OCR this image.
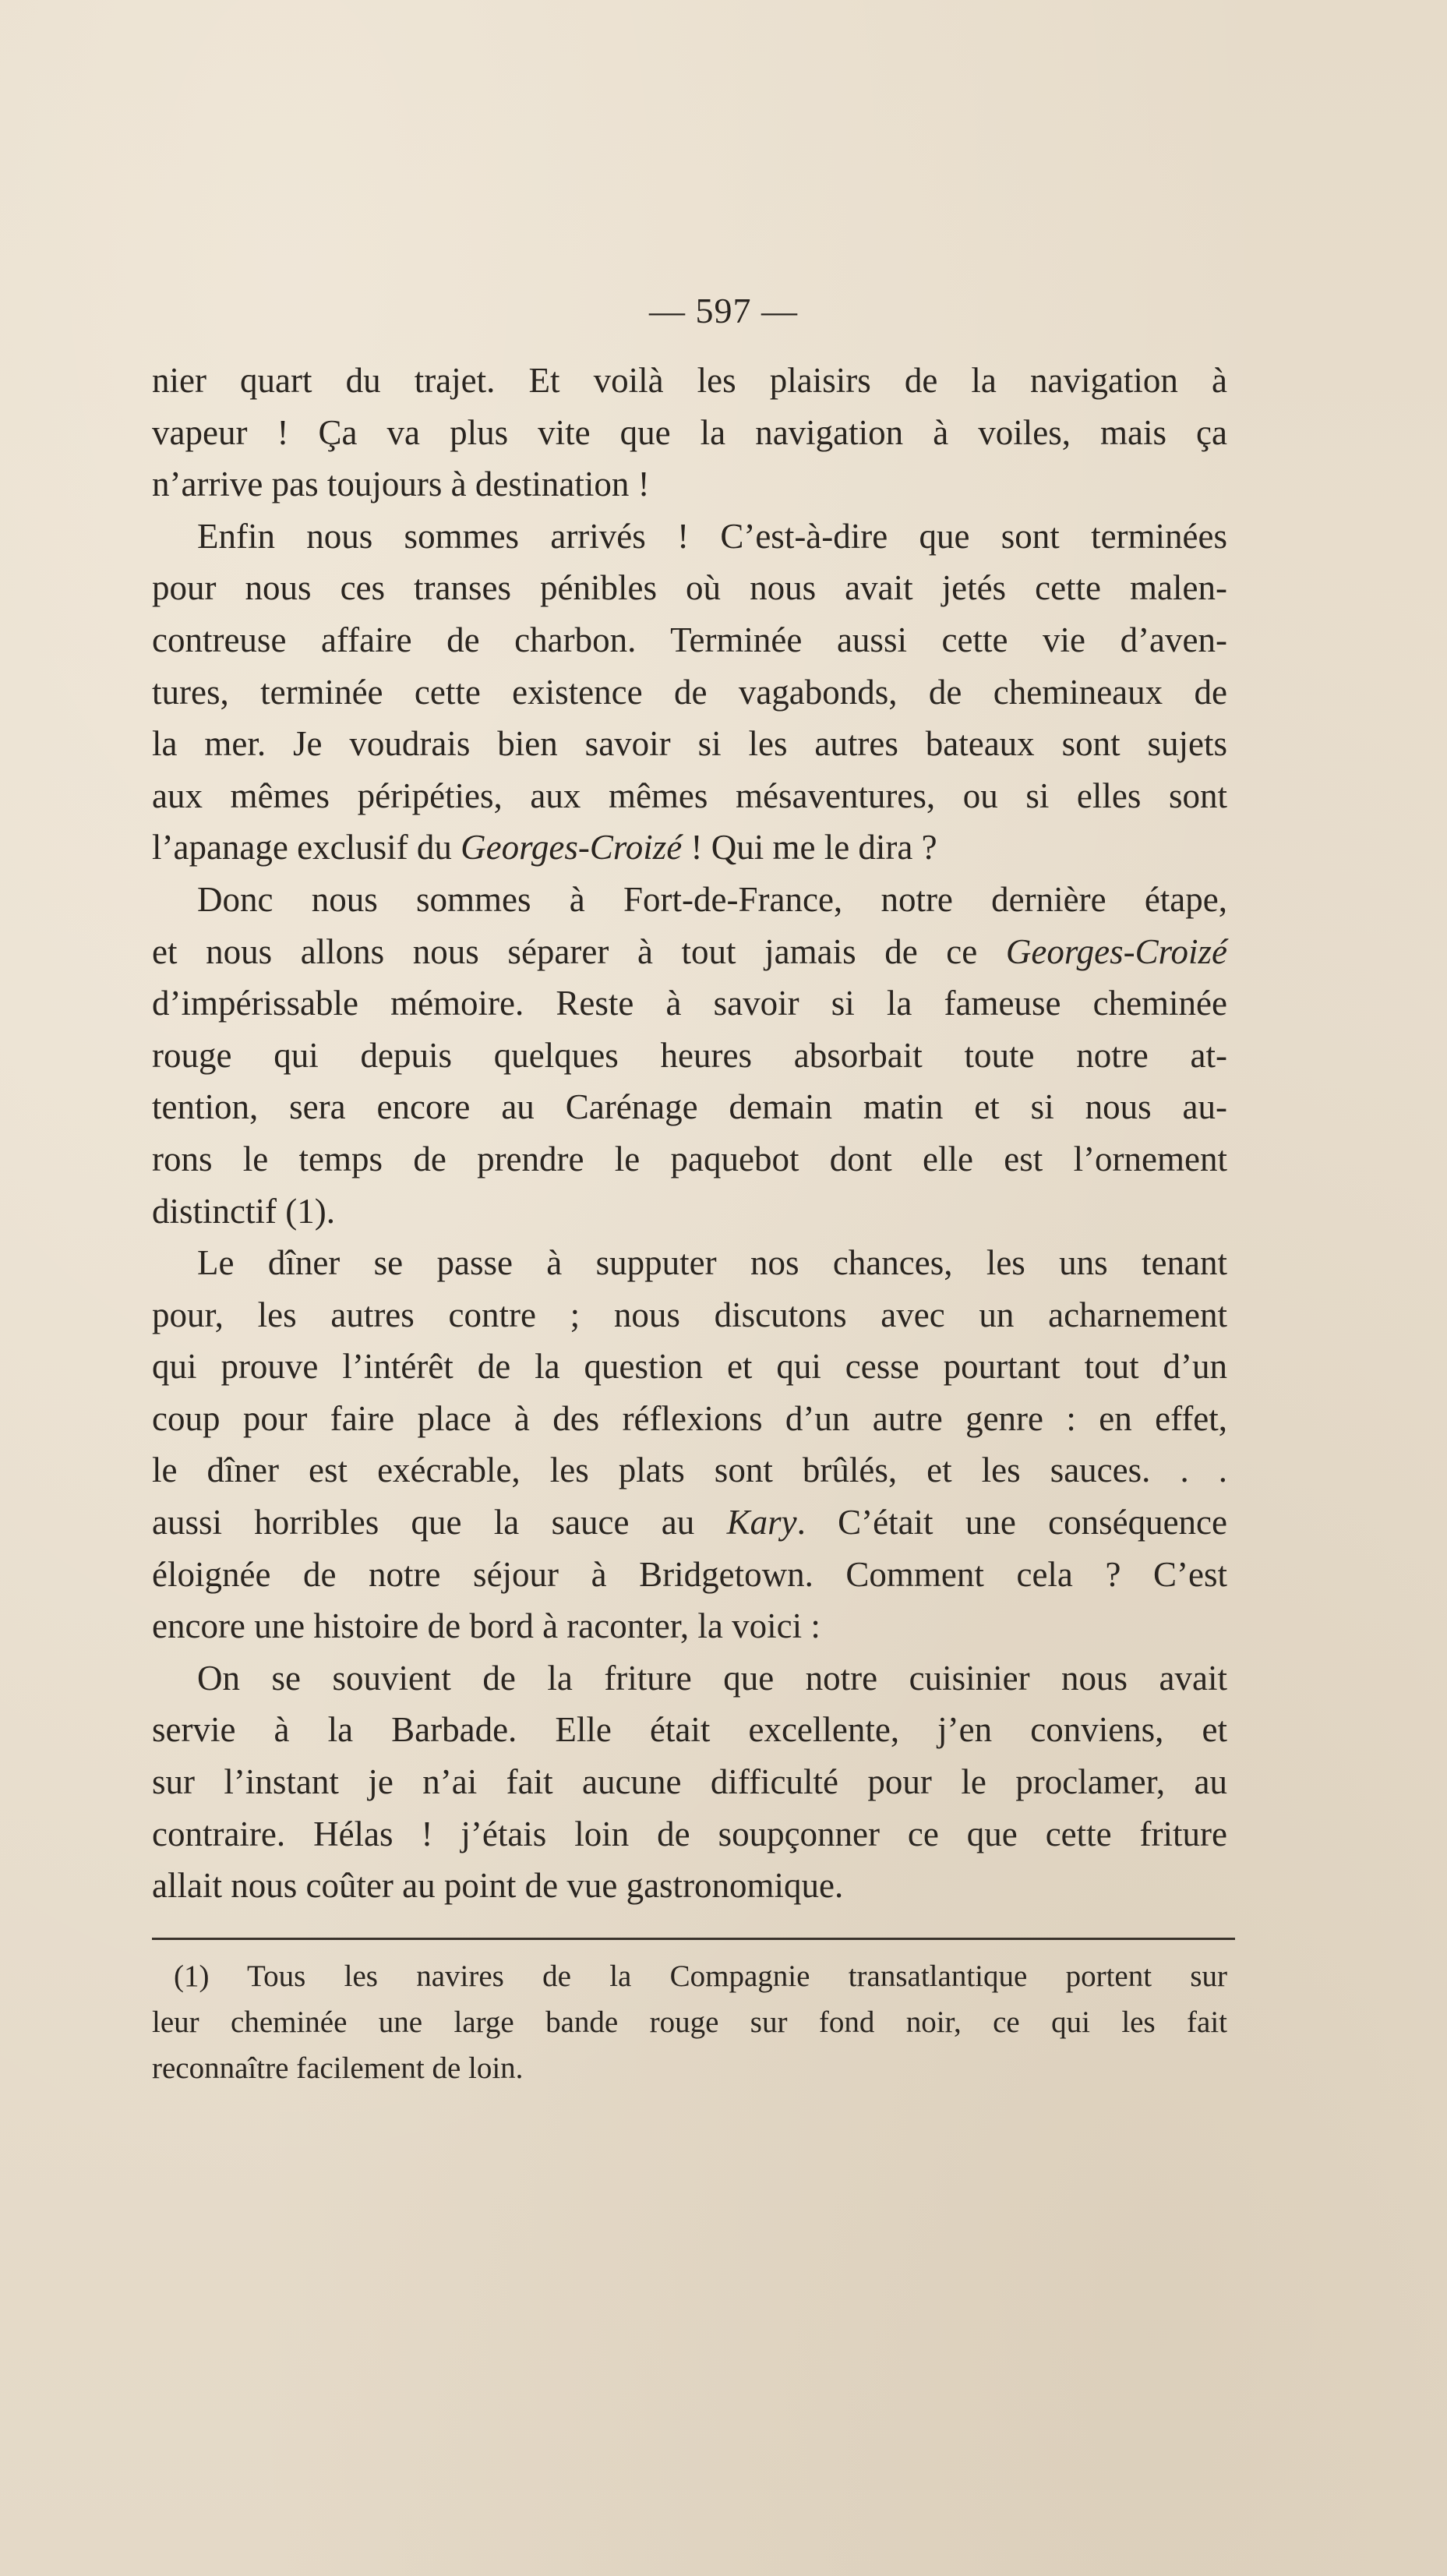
— 597 —

nier quart du trajet. Et voilà les plaisirs de la navigation à
vapeur ! Ça va plus vite que la navigation à voiles, mais ça
n’arrive pas toujours à destination !

Enfin nous sommes arrivés ! C’est-à-dire que sont terminées
pour nous ces transes pénibles où nous avait jetés cette malen-
contreuse affaire de charbon. Terminée aussi cette vie d’aven-
tures, terminée cette existence de vagabonds, de chemineaux de
la mer. Je voudrais bien savoir si les autres bateaux sont sujets
aux mêmes péripéties, aux mêmes mésaventures, ou si elles sont
l’apanage exclusif du Georges-Croizé ! Qui me le dira ?

Donc nous sommes à Fort-de-France, notre dernière étape,
et nous allons nous séparer à tout jamais de ce Georges-Croizé
d’impérissable mémoire. Reste à savoir si la fameuse cheminée
rouge qui depuis quelques heures absorbait toute notre at-
tention, sera encore au Carénage demain matin et si nous au-
rons le temps de prendre le paquebot dont elle est l’ornement
distinctif (1).

Le dîner se passe à supputer nos chances, les uns tenant
pour, les autres contre ; nous discutons avec un acharnement
qui prouve l’intérêt de la question et qui cesse pourtant tout d’un
coup pour faire place à des réflexions d’un autre genre : en effet,
le dîner est exécrable, les plats sont brûlés, et les sauces. . .
aussi horribles que la sauce au Kary. C’était une conséquence
éloignée de notre séjour à Bridgetown. Comment cela ? C’est
encore une histoire de bord à raconter, la voici :

On se souvient de la friture que notre cuisinier nous avait
servie à la Barbade. Elle était excellente, j’en conviens, et
sur l’instant je n’ai fait aucune difficulté pour le proclamer, au
contraire. Hélas ! j’étais loin de soupçonner ce que cette friture
allait nous coûter au point de vue gastronomique.

(1) Tous les navires de la Compagnie transatlantique portent sur
leur cheminée une large bande rouge sur fond noir, ce qui les fait
reconnaître facilement de loin.
